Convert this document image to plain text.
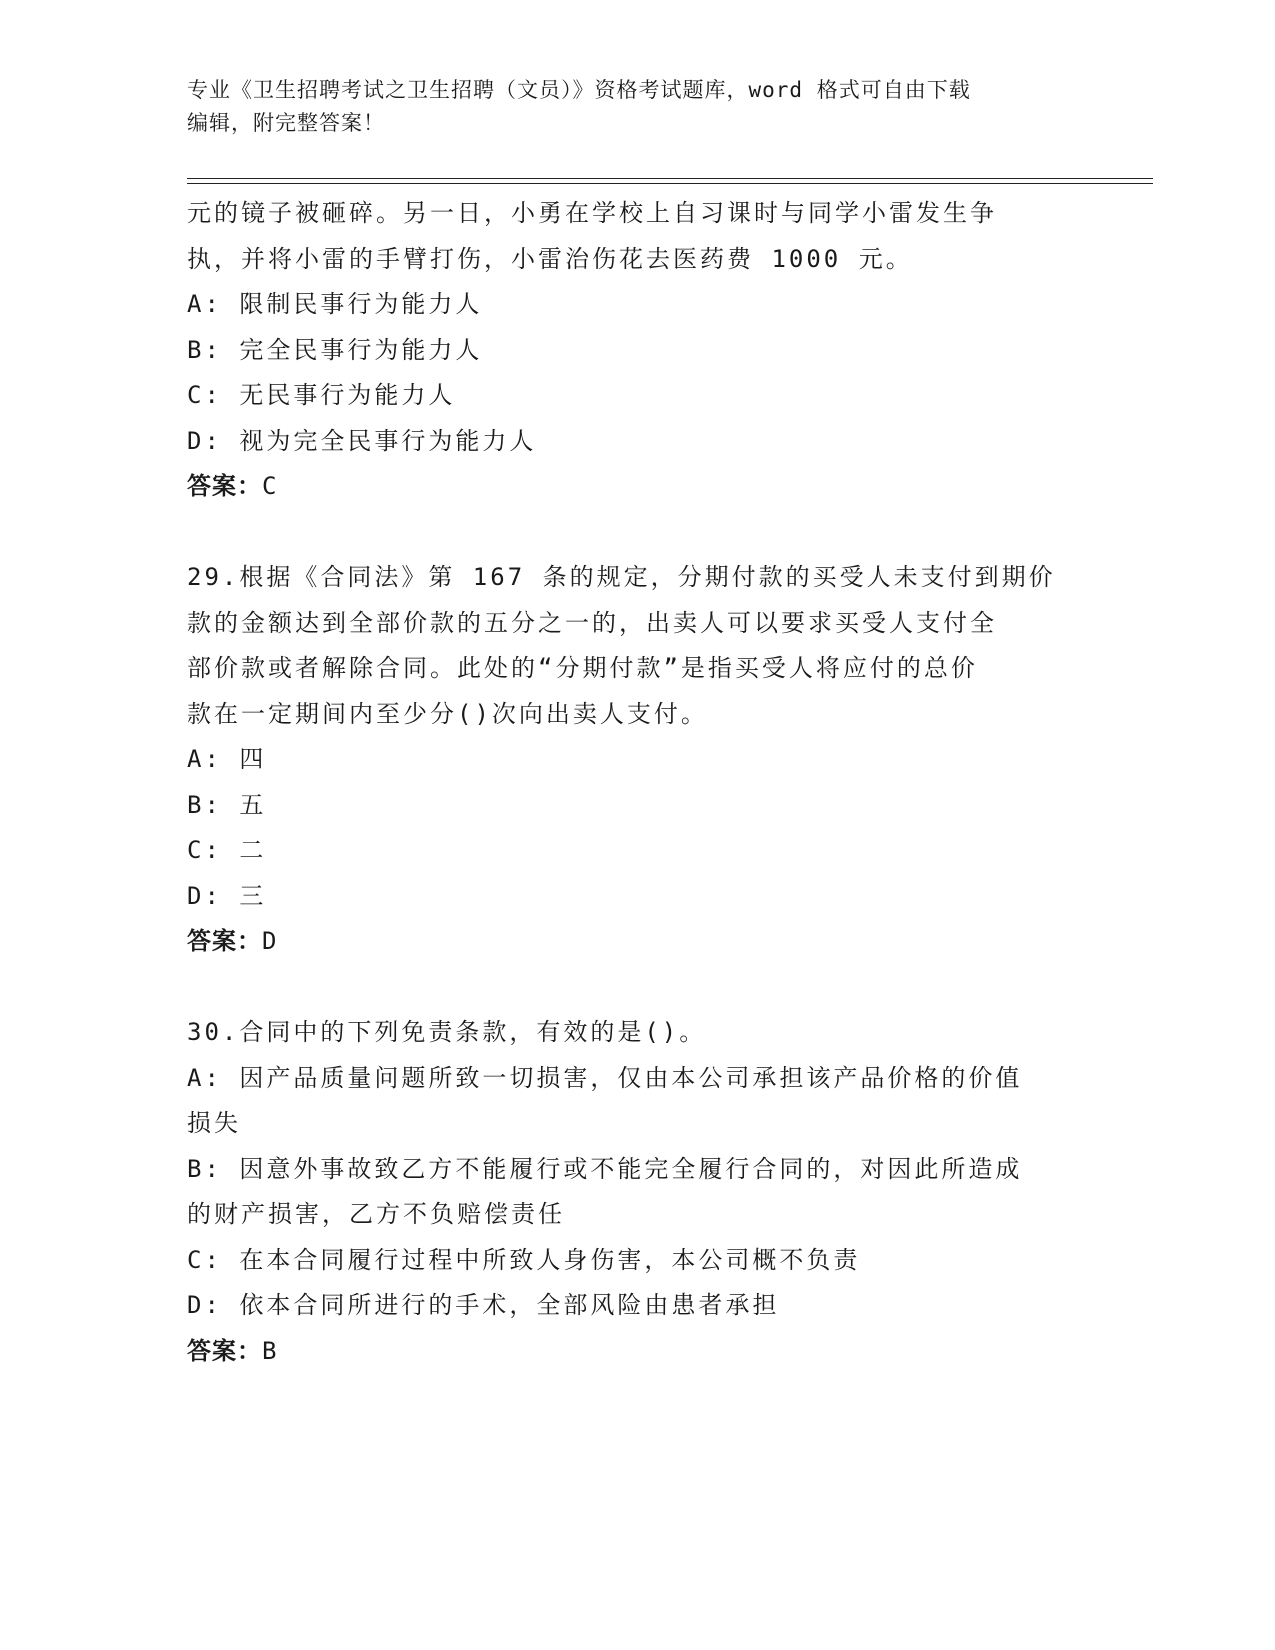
专业《卫生招聘考试之卫生招聘（文员）》资格考试题库，word 格式可自由下载
编辑，附完整答案！
元的镜子被砸碎。另一日，小勇在学校上自习课时与同学小雷发生争
执，并将小雷的手臂打伤，小雷治伤花去医药费 1000 元。
A: 限制民事行为能力人
B: 完全民事行为能力人
C: 无民事行为能力人
D: 视为完全民事行为能力人
答案：C
29.根据《合同法》第 167 条的规定，分期付款的买受人未支付到期价
款的金额达到全部价款的五分之一的，出卖人可以要求买受人支付全
部价款或者解除合同。此处的“分期付款”是指买受人将应付的总价
款在一定期间内至少分()次向出卖人支付。
A: 四
B: 五
C: 二
D: 三
答案：D
30.合同中的下列免责条款，有效的是()。
A: 因产品质量问题所致一切损害，仅由本公司承担该产品价格的价值
损失
B: 因意外事故致乙方不能履行或不能完全履行合同的，对因此所造成
的财产损害，乙方不负赔偿责任
C: 在本合同履行过程中所致人身伤害，本公司概不负责
D: 依本合同所进行的手术，全部风险由患者承担
答案：B
